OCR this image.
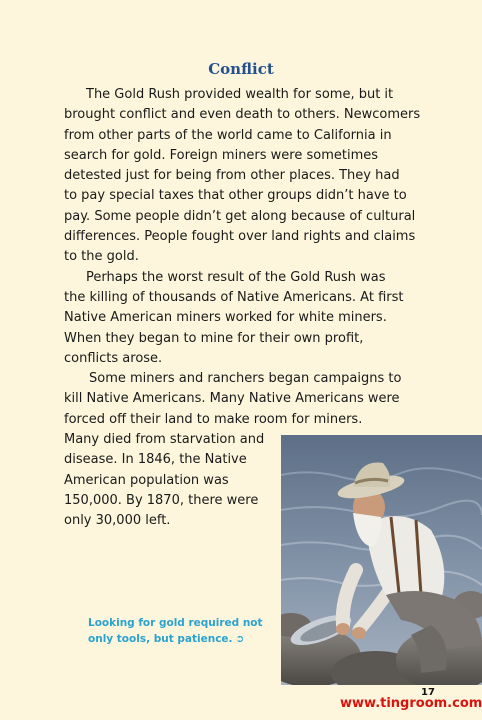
Conflict

The Gold Rush provided wealth for some, but it
brought conflict and even death to others. Newcomers
from other parts of the world came to California in
search for gold. Foreign miners were sometimes
detested just for being from other places. They had
to pay special taxes that other groups didn’t have to
pay. Some people didn’t get along because of cultural
differences. People fought over land rights and claims
to the gold.

Perhaps the worst result of the Gold Rush was
the killing of thousands of Native Americans. At first
Native American miners worked for white miners.
When they began to mine for their own profit,
conflicts arose.

Some miners and ranchers began campaigns to
kill Native Americans. Many Native Americans were
forced off their land to make room for miners.

Many died from starvation and
disease. In 1846, the Native
American population was
150,000. By 1870, there were
only 30,000 left.
Looking for gold required not
only tools, but patience. ➲
17
www.tingroom.com
